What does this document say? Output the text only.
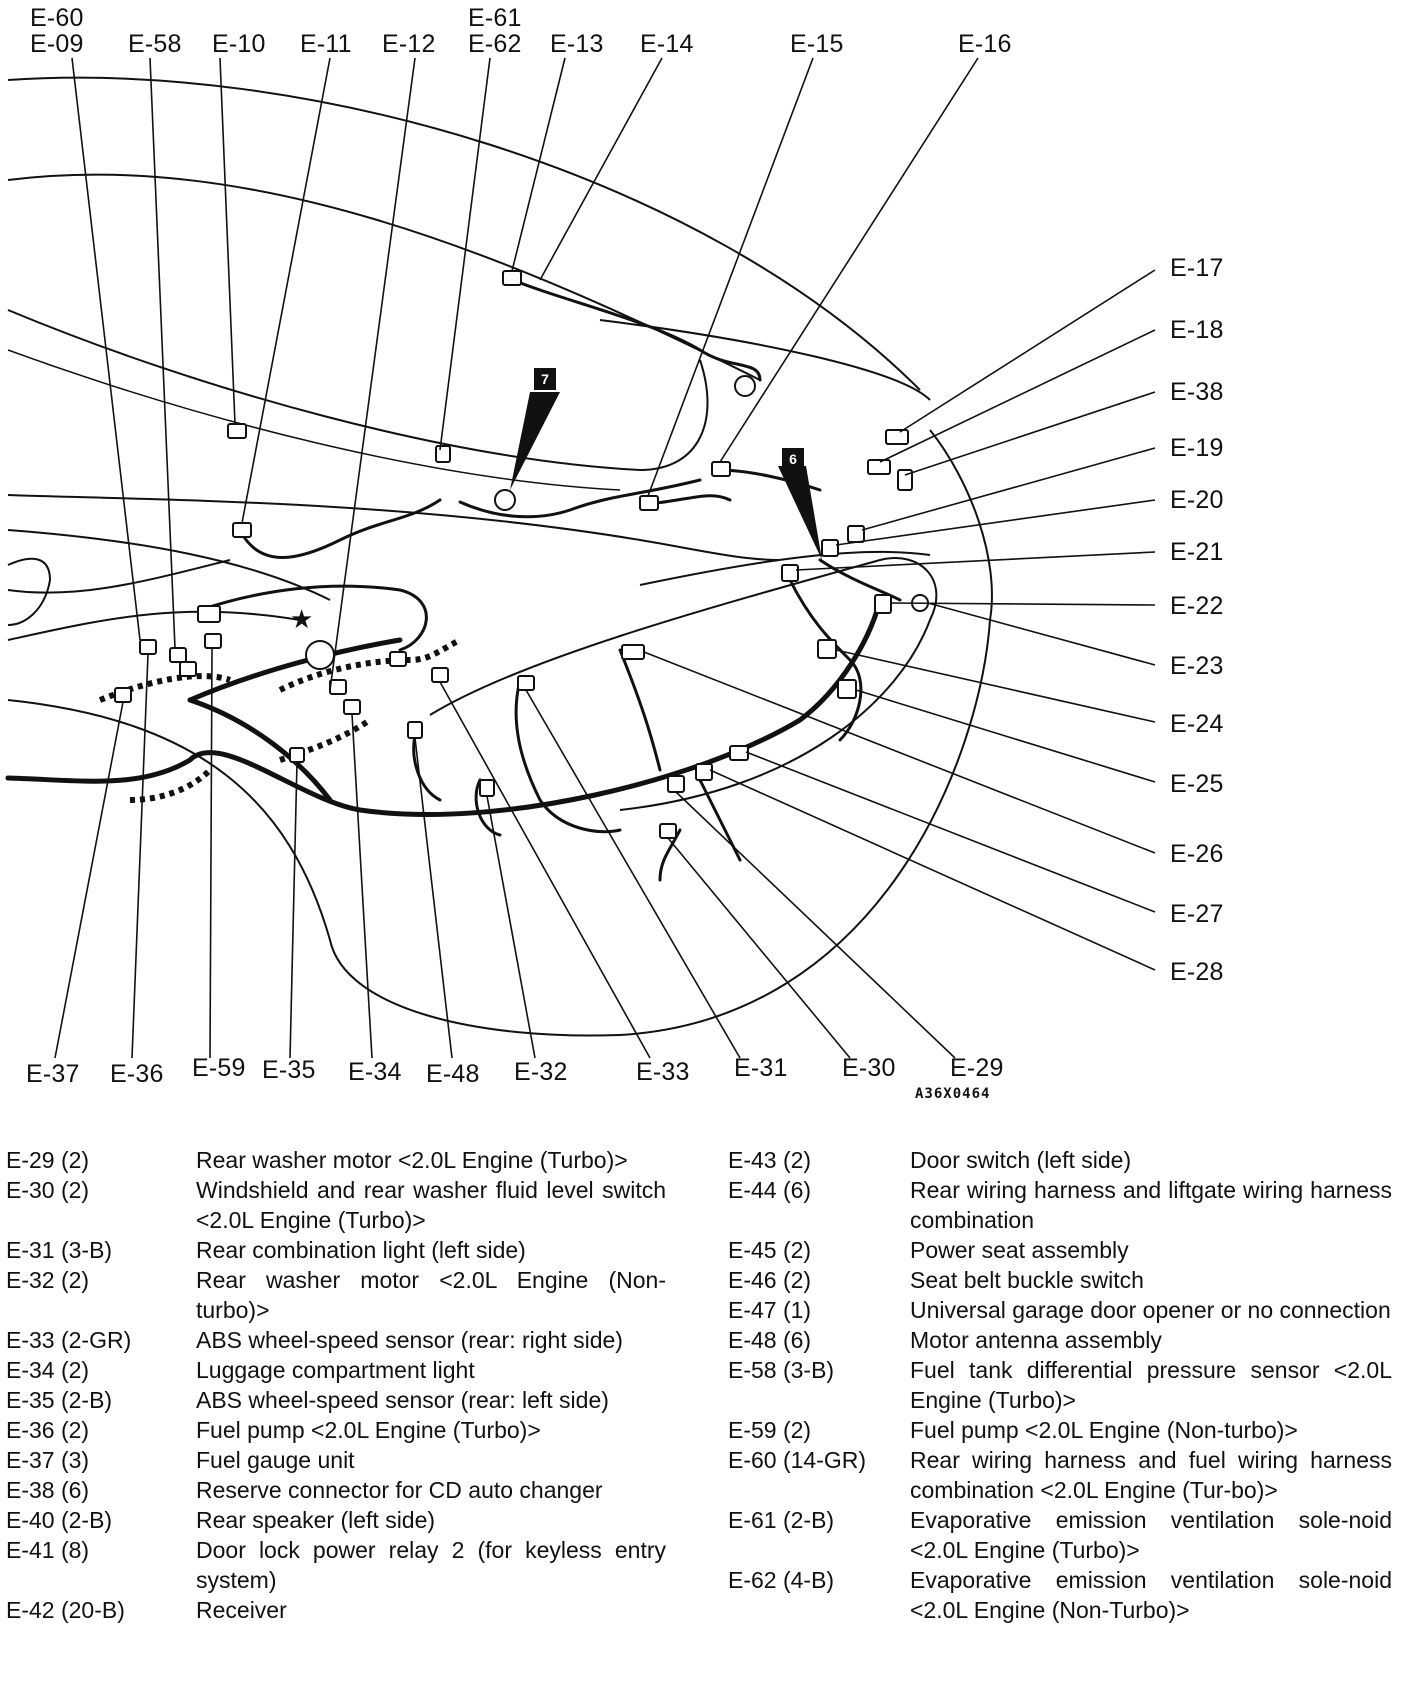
7
6
★
E-60
E-09 E-58 E-10 E-11 E-12
E-61
E-62 E-13 E-14	E-15	E-16
E-17
E-18
E-38
E-19
E-20
E-21
E-22
E-23
E-24
E-25
E-26
E-27
E-28
E-37 E-36 E-59 E-35 E-34 E-48 E-32	E-33 E-31 E-30 E-29
A36X0464
E-29 (2)	Rear washer motor <2.0L Engine (Turbo)>
E-30 (2)	Windshield and rear washer fluid level switch <2.0L Engine (Turbo)>
E-31 (3-B)	Rear combination light (left side)
E-32 (2)	Rear washer motor <2.0L Engine (Non-turbo)>
E-33 (2-GR)	ABS wheel-speed sensor (rear: right side)
E-34 (2)	Luggage compartment light
E-35 (2-B)	ABS wheel-speed sensor (rear: left side)
E-36 (2)	Fuel pump <2.0L Engine (Turbo)>
E-37 (3)	Fuel gauge unit
E-38 (6)	Reserve connector for CD auto changer
E-40 (2-B)	Rear speaker (left side)
E-41 (8)	Door lock power relay 2 (for keyless entry system)
E-42 (20-B)	Receiver
E-43 (2)	Door switch (left side)
E-44 (6)	Rear wiring harness and liftgate wiring harness combination
E-45 (2)	Power seat assembly
E-46 (2)	Seat belt buckle switch
E-47 (1)	Universal garage door opener or no connection
E-48 (6)	Motor antenna assembly
E-58 (3-B)	Fuel tank differential pressure sensor <2.0L Engine (Turbo)>
E-59 (2)	Fuel pump <2.0L Engine (Non-turbo)>
E-60 (14-GR)	Rear wiring harness and fuel wiring harness combination <2.0L Engine (Tur-bo)>
E-61 (2-B)	Evaporative emission ventilation sole-noid <2.0L Engine (Turbo)>
E-62 (4-B)	Evaporative emission ventilation sole-noid <2.0L Engine (Non-Turbo)>
